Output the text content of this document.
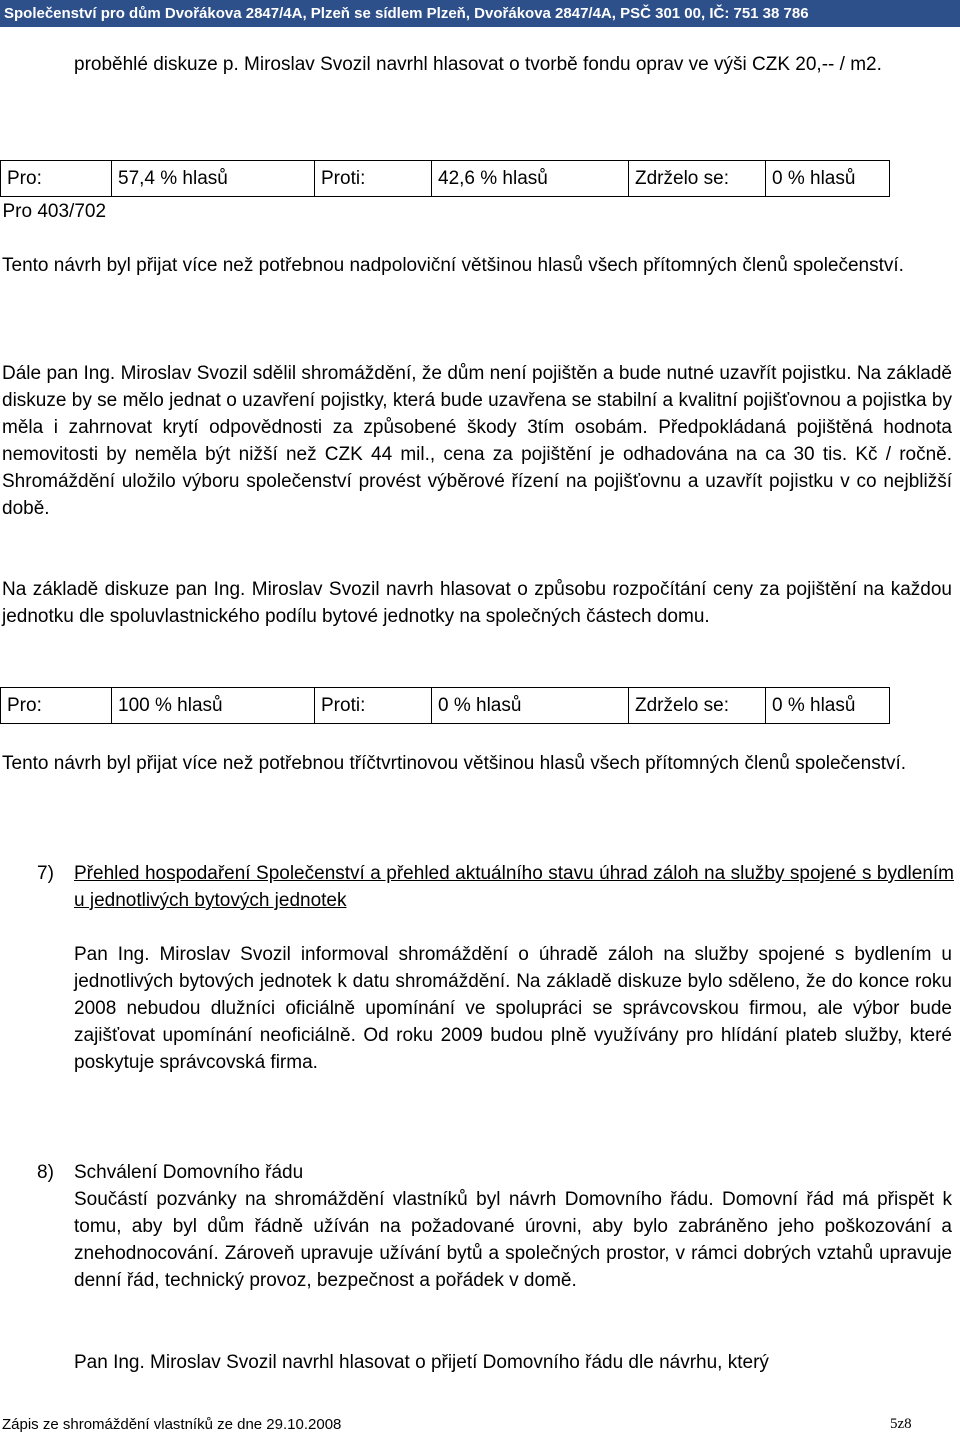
Společenství pro dům Dvořákova 2847/4A, Plzeň se sídlem Plzeň, Dvořákova 2847/4A, PSČ 301 00, IČ: 751 38 786
proběhlé diskuze p. Miroslav Svozil navrhl hlasovat o tvorbě fondu oprav ve výši CZK 20,-- / m2.
Pro:	57,4 % hlasů	Proti:	42,6 % hlasů	Zdrželo se:	0 % hlasů
Pro 403/702
Tento návrh byl přijat více než potřebnou nadpoloviční většinou hlasů všech přítomných členů společenství.
Dále pan Ing. Miroslav Svozil sdělil shromáždění, že dům není pojištěn a bude nutné uzavřít pojistku. Na základě diskuze by se mělo jednat o uzavření pojistky, která bude uzavřena se stabilní a kvalitní pojišťovnou a pojistka by měla i zahrnovat krytí odpovědnosti za způsobené škody 3tím osobám. Předpokládaná pojištěná hodnota nemovitosti by neměla být nižší než CZK 44 mil., cena za pojištění je odhadována na ca 30 tis. Kč / ročně. Shromáždění uložilo výboru společenství provést výběrové řízení na pojišťovnu a uzavřít pojistku v co nejbližší době.
Na základě diskuze pan Ing. Miroslav Svozil navrh hlasovat o způsobu rozpočítání ceny za pojištění na každou jednotku dle spoluvlastnického podílu bytové jednotky na společných částech domu.
Pro:	100 % hlasů	Proti:	0 % hlasů	Zdrželo se:	0 % hlasů
Tento návrh byl přijat více než potřebnou tříčtvrtinovou většinou hlasů všech přítomných členů společenství.
7) Přehled hospodaření Společenství a přehled aktuálního stavu úhrad záloh na služby spojené s bydlením u jednotlivých bytových jednotek
Pan Ing. Miroslav Svozil informoval shromáždění o úhradě záloh na služby spojené s bydlením u jednotlivých bytových jednotek k datu shromáždění. Na základě diskuze bylo sděleno, že do konce roku 2008 nebudou dlužníci oficiálně upomínání ve spolupráci se správcovskou firmou, ale výbor bude zajišťovat upomínání neoficiálně. Od roku 2009 budou plně využívány pro hlídání plateb služby, které poskytuje správcovská firma.
8) Schválení Domovního řádu
Součástí pozvánky na shromáždění vlastníků byl návrh Domovního řádu. Domovní řád má přispět k tomu, aby byl dům řádně užíván na požadované úrovni, aby bylo zabráněno jeho poškozování a znehodnocování. Zároveň upravuje užívání bytů a společných prostor, v rámci dobrých vztahů upravuje denní řád, technický provoz, bezpečnost a pořádek v domě.
Pan Ing. Miroslav Svozil navrhl hlasovat o přijetí Domovního řádu dle návrhu, který
Zápis ze shromáždění vlastníků ze dne 29.10.2008	5z8
